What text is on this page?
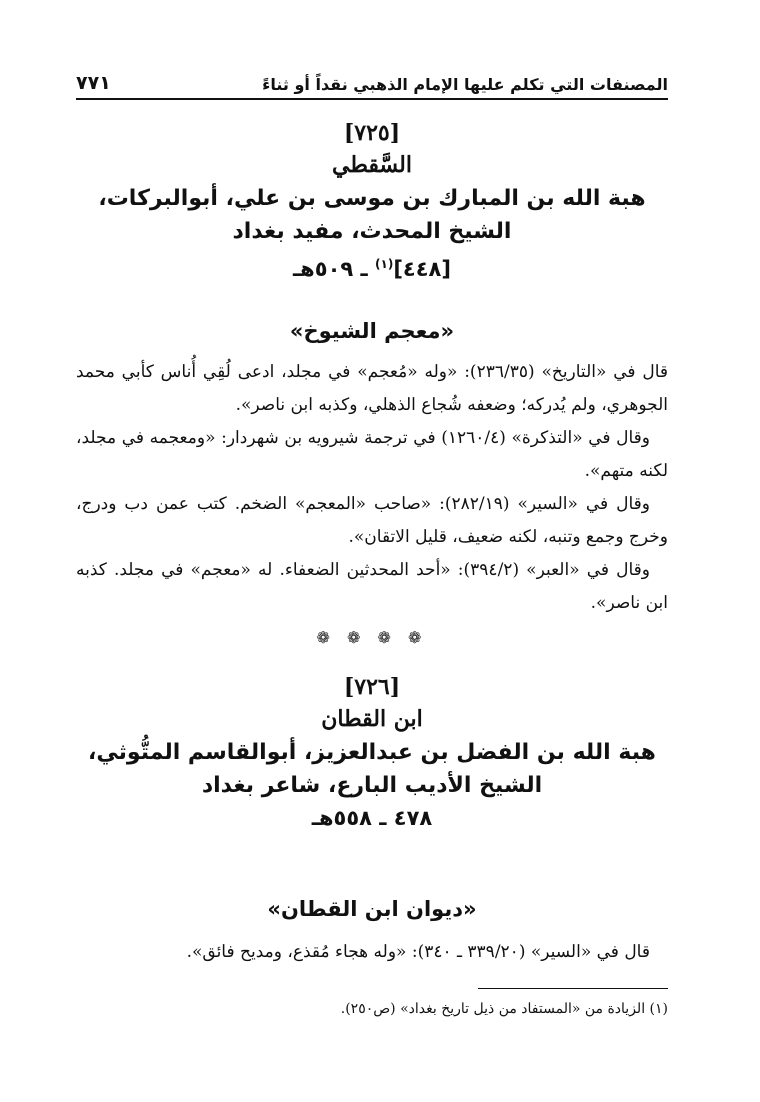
المصنفات التي تكلم عليها الإمام الذهبي نقداً أو ثناءً
٧٧١
[٧٢٥]
السَّقطي
هبة الله بن المبارك بن موسى بن علي، أبوالبركات،
الشيخ المحدث، مفيد بغداد
[٤٤٨]$^{(١)}$ ـ ٥٠٩هـ
«معجم الشيوخ»
قال في «التاريخ» (٢٣٦/٣٥): «وله «مُعجم» في مجلد، ادعى لُقِي أُناس كأبي محمد الجوهري، ولم يُدركه؛ وضعفه شُجاع الذهلي، وكذبه ابن ناصر».
وقال في «التذكرة» (١٢٦٠/٤) في ترجمة شيرويه بن شهردار: «ومعجمه في مجلد، لكنه متهم».
وقال في «السير» (٢٨٢/١٩): «صاحب «المعجم» الضخم. كتب عمن دب ودرج، وخرج وجمع وتنبه، لكنه ضعيف، قليل الاتقان».
وقال في «العبر» (٣٩٤/٢): «أحد المحدثين الضعفاء. له «معجم» في مجلد. كذبه ابن ناصر».
❁ ❁ ❁ ❁
[٧٢٦]
ابن القطان
هبة الله بن الفضل بن عبدالعزيز، أبوالقاسم المتُّوثي،
الشيخ الأديب البارع، شاعر بغداد
٤٧٨ ـ ٥٥٨هـ
«ديوان ابن القطان»
قال في «السير» (٣٣٩/٢٠ ـ ٣٤٠): «وله هجاء مُقذع، ومديح فائق».
(١) الزيادة من «المستفاد من ذيل تاريخ بغداد» (ص٢٥٠).
